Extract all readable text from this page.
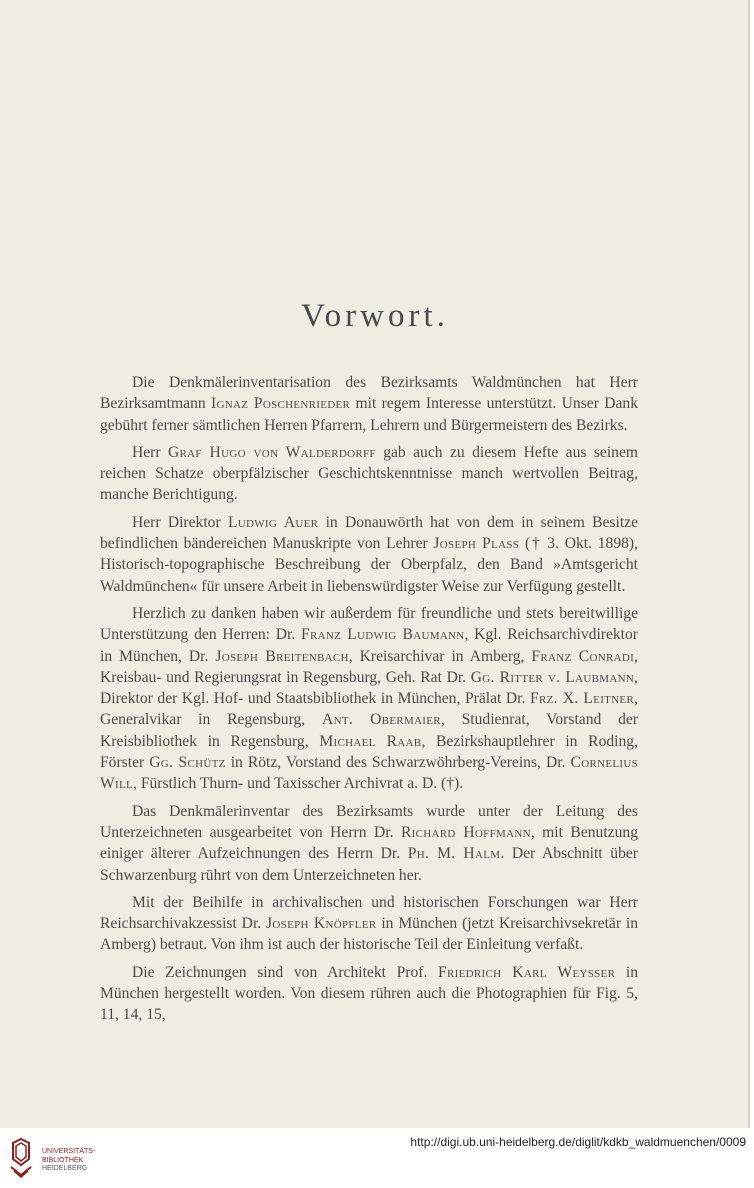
Vorwort.

Die Denkmälerinventarisation des Bezirksamts Waldmünchen hat Herr Bezirksamtmann Ignaz Poschenrieder mit regem Interesse unterstützt. Unser Dank gebührt ferner sämtlichen Herren Pfarrern, Lehrern und Bürgermeistern des Bezirks.

Herr Graf Hugo von Walderdorff gab auch zu diesem Hefte aus seinem reichen Schatze oberpfälzischer Geschichtskenntnisse manch wertvollen Beitrag, manche Berichtigung.

Herr Direktor Ludwig Auer in Donauwörth hat von dem in seinem Besitze befindlichen bändereichen Manuskripte von Lehrer Joseph Plass († 3. Okt. 1898), Historisch-topographische Beschreibung der Oberpfalz, den Band »Amtsgericht Waldmünchen« für unsere Arbeit in liebenswürdigster Weise zur Verfügung gestellt.

Herzlich zu danken haben wir außerdem für freundliche und stets bereitwillige Unterstützung den Herren: Dr. Franz Ludwig Baumann, Kgl. Reichsarchivdirektor in München, Dr. Joseph Breitenbach, Kreisarchivar in Amberg, Franz Conradi, Kreisbau- und Regierungsrat in Regensburg, Geh. Rat Dr. Gg. Ritter v. Laubmann, Direktor der Kgl. Hof- und Staatsbibliothek in München, Prälat Dr. Frz. X. Leitner, Generalvikar in Regensburg, Ant. Obermaier, Studienrat, Vorstand der Kreisbibliothek in Regensburg, Michael Raab, Bezirkshauptlehrer in Roding, Förster Gg. Schütz in Rötz, Vorstand des Schwarzwöhrberg-Vereins, Dr. Cornelius Will, Fürstlich Thurn- und Taxisscher Archivrat a. D. (†).

Das Denkmälerinventar des Bezirksamts wurde unter der Leitung des Unterzeichneten ausgearbeitet von Herrn Dr. Richard Hoffmann, mit Benutzung einiger älterer Aufzeichnungen des Herrn Dr. Ph. M. Halm. Der Abschnitt über Schwarzenburg rührt von dem Unterzeichneten her.

Mit der Beihilfe in archivalischen und historischen Forschungen war Herr Reichsarchivakzessist Dr. Joseph Knöpfler in München (jetzt Kreisarchivsekretär in Amberg) betraut. Von ihm ist auch der historische Teil der Einleitung verfaßt.

Die Zeichnungen sind von Architekt Prof. Friedrich Karl Weysser in München hergestellt worden. Von diesem rühren auch die Photographien für Fig. 5, 11, 14, 15,

UNIVERSITÄTS-
BIBLIOTHEK
HEIDELBERG
http://digi.ub.uni-heidelberg.de/diglit/kdkb_waldmuenchen/0009
